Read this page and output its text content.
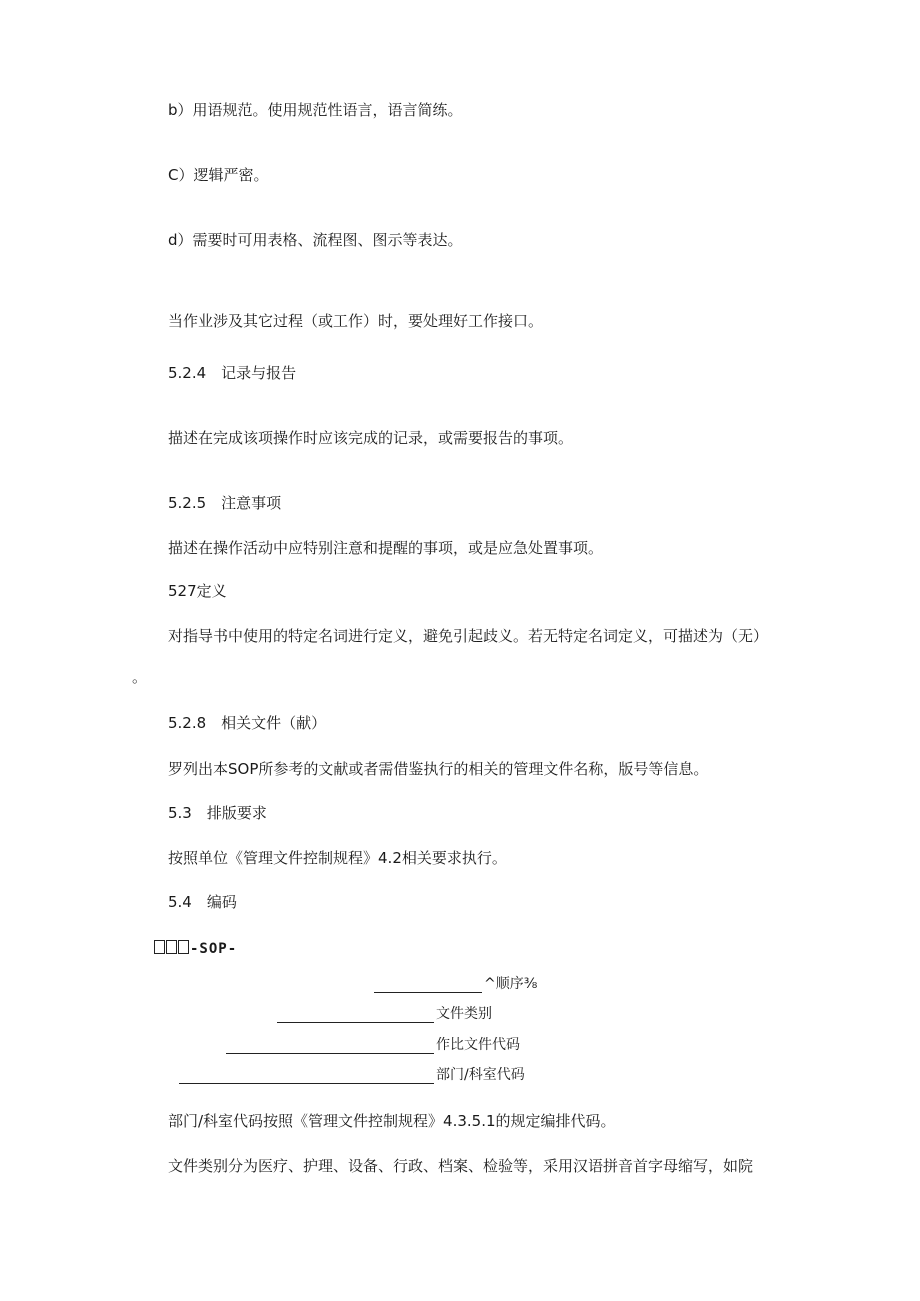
b）用语规范。使用规范性语言，语言简练。
C）逻辑严密。
d）需要时可用表格、流程图、图示等表达。
当作业涉及其它过程（或工作）时，要处理好工作接口。
5.2.4　记录与报告
描述在完成该项操作时应该完成的记录，或需要报告的事项。
5.2.5　注意事项
描述在操作活动中应特别注意和提醒的事项，或是应急处置事项。
527定义
对指导书中使用的特定名词进行定义，避免引起歧义。若无特定名词定义，可描述为（无）
。
5.2.8　相关文件（献）
罗列出本SOP所参考的文献或者需借鉴执行的相关的管理文件名称，版号等信息。
5.3　排版要求
按照单位《管理文件控制规程》4.2相关要求执行。
5.4　编码
-SOP-
^顺序⅜
文件类别
作比文件代码
部门/科室代码
部门/科室代码按照《管理文件控制规程》4.3.5.1的规定编排代码。
文件类别分为医疗、护理、设备、行政、档案、检验等，采用汉语拼音首字母缩写，如院
